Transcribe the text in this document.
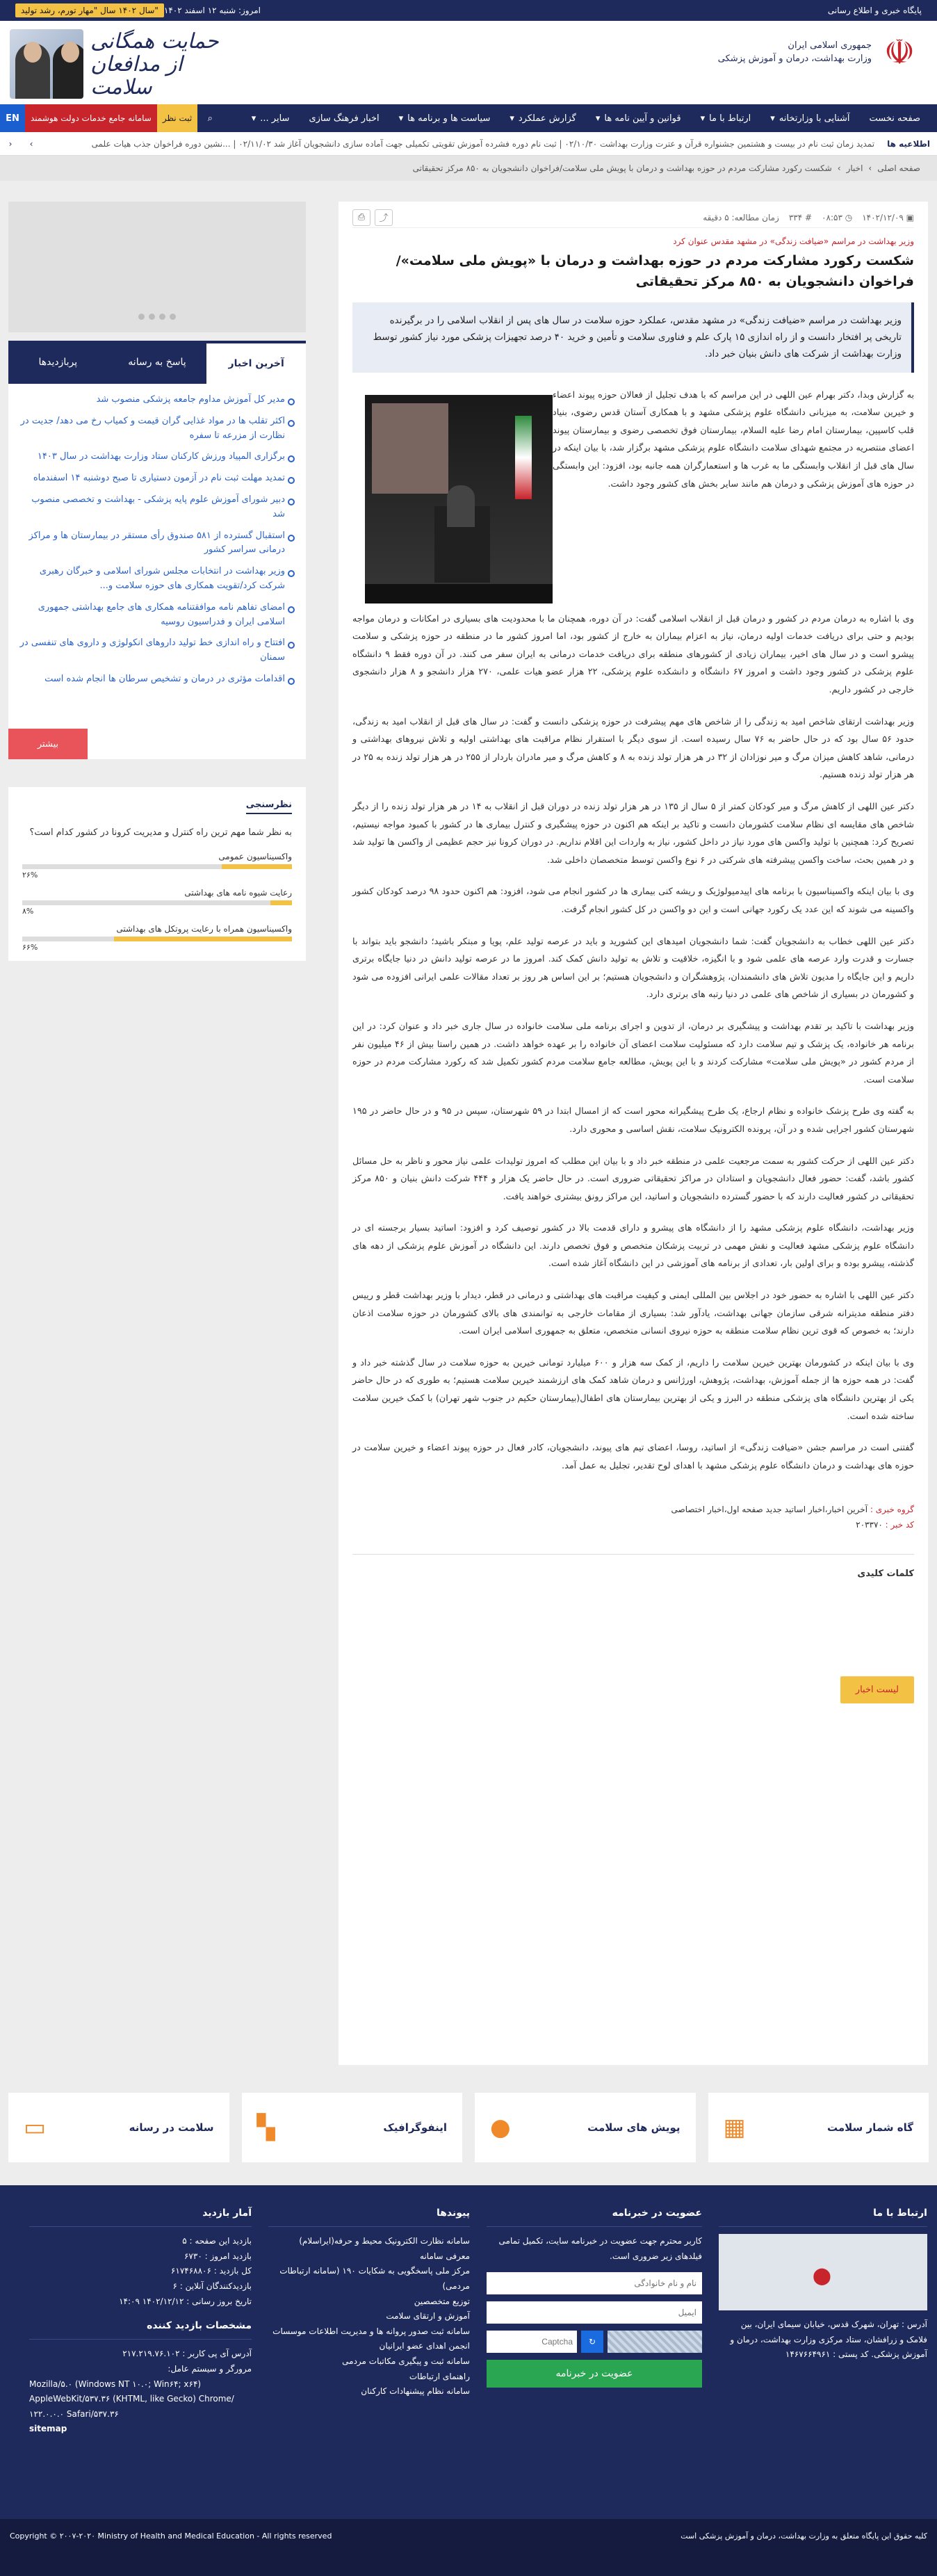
سال ۱۴۰۲ سال "مهار تورم، رشد تولید" امروز: شنبه ۱۲ اسفند ۱۴۰۲	پایگاه خبری و اطلاع رسانی
حمایت همگانی
از مدافعان سلامت
جمهوری اسلامی ایران
وزارت بهداشت، درمان و آموزش پزشکی ☫
صفحه نخست
آشنایی با وزارتخانه
▾
ارتباط با ما
▾
قوانین و آیین نامه ها
▾
گزارش عملکرد
▾
سیاست ها و برنامه ها
▾
اخبار فرهنگ سازی
سایر ...
▾
EN	سامانه جامع خدمات دولت هوشمند	ثبت نظر	⌕
اطلاعیه ها
تمدید زمان ثبت نام در بیست و هشتمین جشنواره قرآن و عترت وزارت بهداشت ۰۲/۱۰/۳۰ | ثبت نام دوره فشرده آموزش تقویتی تکمیلی جهت آماده سازی دانشجویان آغاز شد ۰۲/۱۱/۰۲ | ...نشین دوره فراخوان جذب هیات علمی
›
‹
صفحه اصلی
›
اخبار
›
شکست رکورد مشارکت مردم در حوزه بهداشت و درمان با پویش ملی سلامت/فراخوان دانشجویان به ۸۵۰ مرکز تحقیقاتی
▣ ۱۴۰۲/۱۲/۰۹
◷ ۰۸:۵۳
# ۳۳۴
زمان مطالعه: ۵ دقیقه
⎙	⤴
وزیر بهداشت در مراسم «ضیافت زندگی» در مشهد مقدس عنوان کرد
شکست رکورد مشارکت مردم در حوزه بهداشت و درمان با «پویش ملی سلامت»/ فراخوان دانشجویان به ۸۵۰ مرکز تحقیقاتی
وزیر بهداشت در مراسم «ضیافت زندگی» در مشهد مقدس، عملکرد حوزه سلامت در سال های پس از انقلاب اسلامی را در برگیرنده تاریخی پر افتخار دانست و از راه اندازی ۱۵ پارک علم و فناوری سلامت و تأمین و خرید ۴۰ درصد تجهیزات پزشکی مورد نیاز کشور توسط وزارت بهداشت از شرکت های دانش بنیان خبر داد.

به گزارش وبدا، دکتر بهرام عین اللهی در این مراسم که با هدف تجلیل از فعالان حوزه پیوند اعضاء و خیرین سلامت، به میزبانی دانشگاه علوم پزشکی مشهد و با همکاری آستان قدس رضوی، بنیاد قلب کاسپین، بیمارستان امام رضا علیه السلام، بیمارستان فوق تخصصی رضوی و بیمارستان پیوند اعضای منتصریه در مجتمع شهدای سلامت دانشگاه علوم پزشکی مشهد برگزار شد، با بیان اینکه در سال های قبل از انقلاب وابستگی ما به غرب ها و استعمارگران همه جانبه بود، افزود: این وابستگی در حوزه های آموزش پزشکی و درمان هم مانند سایر بخش های کشور وجود داشت.

وی با اشاره به درمان مردم در کشور و درمان قبل از انقلاب اسلامی گفت: در آن دوره، همچنان ما با محدودیت های بسیاری در امکانات و درمان مواجه بودیم و حتی برای دریافت خدمات اولیه درمان، نیاز به اعزام بیماران به خارج از کشور بود، اما امروز کشور ما در منطقه در حوزه پزشکی و سلامت پیشرو است و در سال های اخیر، بیماران زیادی از کشورهای منطقه برای دریافت خدمات درمانی به ایران سفر می کنند. در آن دوره فقط ۹ دانشگاه علوم پزشکی در کشور وجود داشت و امروز ۶۷ دانشگاه و دانشکده علوم پزشکی، ۲۲ هزار عضو هیات علمی، ۲۷۰ هزار دانشجو و ۸ هزار دانشجوی خارجی در کشور داریم.

وزیر بهداشت ارتقای شاخص امید به زندگی را از شاخص های مهم پیشرفت در حوزه پزشکی دانست و گفت: در سال های قبل از انقلاب امید به زندگی، حدود ۵۶ سال بود که در حال حاضر به ۷۶ سال رسیده است. از سوی دیگر با استقرار نظام مراقبت های بهداشتی اولیه و تلاش نیروهای بهداشتی و درمانی، شاهد کاهش میزان مرگ و میر نوزادان از ۳۲ در هر هزار تولد زنده به ۸ و کاهش مرگ و میر مادران باردار از ۲۵۵ در هر هزار تولد زنده به ۲۵ در هر هزار تولد زنده هستیم.

دکتر عین اللهی از کاهش مرگ و میر کودکان کمتر از ۵ سال از ۱۳۵ در هر هزار تولد زنده در دوران قبل از انقلاب به ۱۴ در هر هزار تولد زنده را از دیگر شاخص های مقایسه ای نظام سلامت کشورمان دانست و تاکید بر اینکه هم اکنون در حوزه پیشگیری و کنترل بیماری ها در کشور با کمبود مواجه نیستیم، تصریح کرد: همچنین با تولید واکسن های مورد نیاز در داخل کشور، نیاز به واردات این اقلام نداریم. در دوران کرونا نیز حجم عظیمی از واکسن ها تولید شد و در همین بحث، ساخت واکسن پیشرفته های شرکتی در ۶ نوع واکسن توسط متخصصان داخلی شد.

وی با بیان اینکه واکسیناسیون با برنامه های اپیدمیولوژیک و ریشه کنی بیماری ها در کشور انجام می شود، افزود: هم اکنون حدود ۹۸ درصد کودکان کشور واکسینه می شوند که این عدد یک رکورد جهانی است و این دو واکسن در کل کشور انجام گرفت.

دکتر عین اللهی خطاب به دانشجویان گفت: شما دانشجویان امیدهای این کشورید و باید در عرصه تولید علم، پویا و مبتکر باشید؛ دانشجو باید بتواند با جسارت و قدرت وارد عرصه های علمی شود و با انگیزه، خلاقیت و تلاش به تولید دانش کمک کند. امروز ما در عرصه تولید دانش در دنیا جایگاه برتری داریم و این جایگاه را مدیون تلاش های دانشمندان، پژوهشگران و دانشجویان هستیم؛ بر این اساس هر روز بر تعداد مقالات علمی ایرانی افزوده می شود و کشورمان در بسیاری از شاخص های علمی در دنیا رتبه های برتری دارد.

وزیر بهداشت با تاکید بر تقدم بهداشت و پیشگیری بر درمان، از تدوین و اجرای برنامه ملی سلامت خانواده در سال جاری خبر داد و عنوان کرد: در این برنامه هر خانواده، یک پزشک و تیم سلامت دارد که مسئولیت سلامت اعضای آن خانواده را بر عهده خواهد داشت. در همین راستا بیش از ۴۶ میلیون نفر از مردم کشور در «پویش ملی سلامت» مشارکت کردند و با این پویش، مطالعه جامع سلامت مردم کشور تکمیل شد که رکورد مشارکت مردم در حوزه سلامت است.

به گفته وی طرح پزشک خانواده و نظام ارجاع، یک طرح پیشگیرانه محور است که از امسال ابتدا در ۵۹ شهرستان، سپس در ۹۵ و در حال حاضر در ۱۹۵ شهرستان کشور اجرایی شده و در آن، پرونده الکترونیک سلامت، نقش اساسی و محوری دارد.

دکتر عین اللهی از حرکت کشور به سمت مرجعیت علمی در منطقه خبر داد و با بیان این مطلب که امروز تولیدات علمی نیاز محور و ناظر به حل مسائل کشور باشد، گفت: حضور فعال دانشجویان و استادان در مراکز تحقیقاتی ضروری است. در حال حاضر یک هزار و ۴۴۴ شرکت دانش بنیان و ۸۵۰ مرکز تحقیقاتی در کشور فعالیت دارند که با حضور گسترده دانشجویان و اساتید، این مراکز رونق بیشتری خواهند یافت.

وزیر بهداشت، دانشگاه علوم پزشکی مشهد را از دانشگاه های پیشرو و دارای قدمت بالا در کشور توصیف کرد و افزود: اساتید بسیار برجسته ای در دانشگاه علوم پزشکی مشهد فعالیت و نقش مهمی در تربیت پزشکان متخصص و فوق تخصص دارند. این دانشگاه در آموزش علوم پزشکی از دهه های گذشته، پیشرو بوده و برای اولین بار، تعدادی از برنامه های آموزشی در این دانشگاه آغاز شده است.

دکتر عین اللهی با اشاره به حضور خود در اجلاس بین المللی ایمنی و کیفیت مراقبت های بهداشتی و درمانی در قطر، دیدار با وزیر بهداشت قطر و رییس دفتر منطقه مدیترانه شرقی سازمان جهانی بهداشت، یادآور شد: بسیاری از مقامات خارجی به توانمندی های بالای کشورمان در حوزه سلامت اذعان دارند؛ به خصوص که قوی ترین نظام سلامت منطقه به حوزه نیروی انسانی متخصص، متعلق به جمهوری اسلامی ایران است.

وی با بیان اینکه در کشورمان بهترین خیرین سلامت را داریم، از کمک سه هزار و ۶۰۰ میلیارد تومانی خیرین به حوزه سلامت در سال گذشته خبر داد و گفت: در همه حوزه ها از جمله آموزش، بهداشت، پژوهش، اورژانس و درمان شاهد کمک های ارزشمند خیرین سلامت هستیم؛ به طوری که در حال حاضر یکی از بهترین دانشگاه های پزشکی منطقه در البرز و یکی از بهترین بیمارستان های اطفال(بیمارستان حکیم در جنوب شهر تهران) با کمک خیرین سلامت ساخته شده است.

گفتنی است در مراسم جشن «ضیافت زندگی» از اساتید، روسا، اعضای تیم های پیوند، دانشجویان، کادر فعال در حوزه پیوند اعضاء و خیرین سلامت در حوزه های بهداشت و درمان دانشگاه علوم پزشکی مشهد با اهدای لوح تقدیر، تجلیل به عمل آمد.

گروه خبری : آخرین اخبار،اخبار اساتید جدید صفحه اول،اخبار اختصاصی
کد خبر : ۲۰۳۳۷۰
کلمات کلیدی
لیست اخبار
آخرین اخبار
پاسخ به رسانه
پربازدیدها
مدیر کل آموزش مداوم جامعه پزشکی منصوب شد
اکثر تقلب ها در مواد غذایی گران قیمت و کمیاب رخ می دهد/ جدیت در نظارت از مزرعه تا سفره
برگزاری المپیاد ورزش کارکنان ستاد وزارت بهداشت در سال ۱۴۰۳
تمدید مهلت ثبت نام در آزمون دستیاری تا صبح دوشنبه ۱۴ اسفندماه
دبیر شورای آموزش علوم پایه پزشکی - بهداشت و تخصصی منصوب شد
استقبال گسترده از ۵۸۱ صندوق رأی مستقر در بیمارستان ها و مراکز درمانی سراسر کشور
وزیر بهداشت در انتخابات مجلس شورای اسلامی و خبرگان رهبری شرکت کرد/تقویت همکاری های حوزه سلامت و...
امضای تفاهم نامه موافقتنامه همکاری های جامع بهداشتی جمهوری اسلامی ایران و فدراسیون روسیه
افتتاح و راه اندازی خط تولید داروهای انکولوژی و داروی های تنفسی در سمنان
اقدامات مؤثری در درمان و تشخیص سرطان ها انجام شده است
بیشتر
نظرسنجی
به نظر شما مهم ترین راه کنترل و مدیریت کرونا در کشور کدام است؟
واکسیناسیون عمومی
۲۶%
رعایت شیوه نامه های بهداشتی
۸%
واکسیناسیون همراه با رعایت پروتکل های بهداشتی
۶۶%
گاه شمار سلامت
▦
پویش های سلامت
●
اینفوگرافیک
▚
سلامت در رسانه
▭
ارتباط با ما
⬤
آدرس : تهران، شهرک قدس، خیابان سیمای ایران، بین فلامک و زرافشان، ستاد مرکزی وزارت بهداشت، درمان و آموزش پزشکی. کد پستی : ۱۴۶۷۶۶۴۹۶۱
عضویت در خبرنامه
کاربر محترم جهت عضویت در خبرنامه سایت، تکمیل تمامی فیلدهای زیر ضروری است.
نام و نام خانوادگی ایمیل
↻
Captcha
عضویت در خبرنامه
پیوندها
سامانه نظارت الکترونیک محیط و حرفه(ایراسلام)
معرفی سامانه
مرکز ملی پاسخگویی به شکایات ۱۹۰ (سامانه ارتباطات مردمی)
توزیع متخصصین
آموزش و ارتقای سلامت
سامانه ثبت صدور پروانه ها و مدیریت اطلاعات موسسات
انجمن اهدای عضو ایرانیان
سامانه ثبت و پیگیری مکاتبات مردمی
راهنمای ارتباطات
سامانه نظام پیشنهادات کارکنان
آمار بازدید
بازدید این صفحه : ۵
بازدید امروز : ۶۷۳۰
کل بازدید : ۶۱۷۴۶۸۸۰۶
بازدیدکنندگان آنلاین : ۶
تاریخ بروز رسانی : ۱۴۰۲/۱۲/۱۲ ۱۴:۰۹
مشخصات بازدید کننده
آدرس آی پی کاربر : ۲۱۷.۲۱۹.۷۶.۱۰۲
مرورگر و سیستم عامل:
Mozilla/۵.۰ (Windows NT ۱۰.۰; Win۶۴; x۶۴) AppleWebKit/۵۳۷.۳۶ (KHTML, like Gecko) Chrome/۱۲۲.۰.۰.۰ Safari/۵۳۷.۳۶
sitemap
Copyright © ۲۰۰۷-۲۰۲۰ Ministry of Health and Medical Education - All rights reserved	کلیه حقوق این پایگاه متعلق به وزارت بهداشت، درمان و آموزش پزشکی است
